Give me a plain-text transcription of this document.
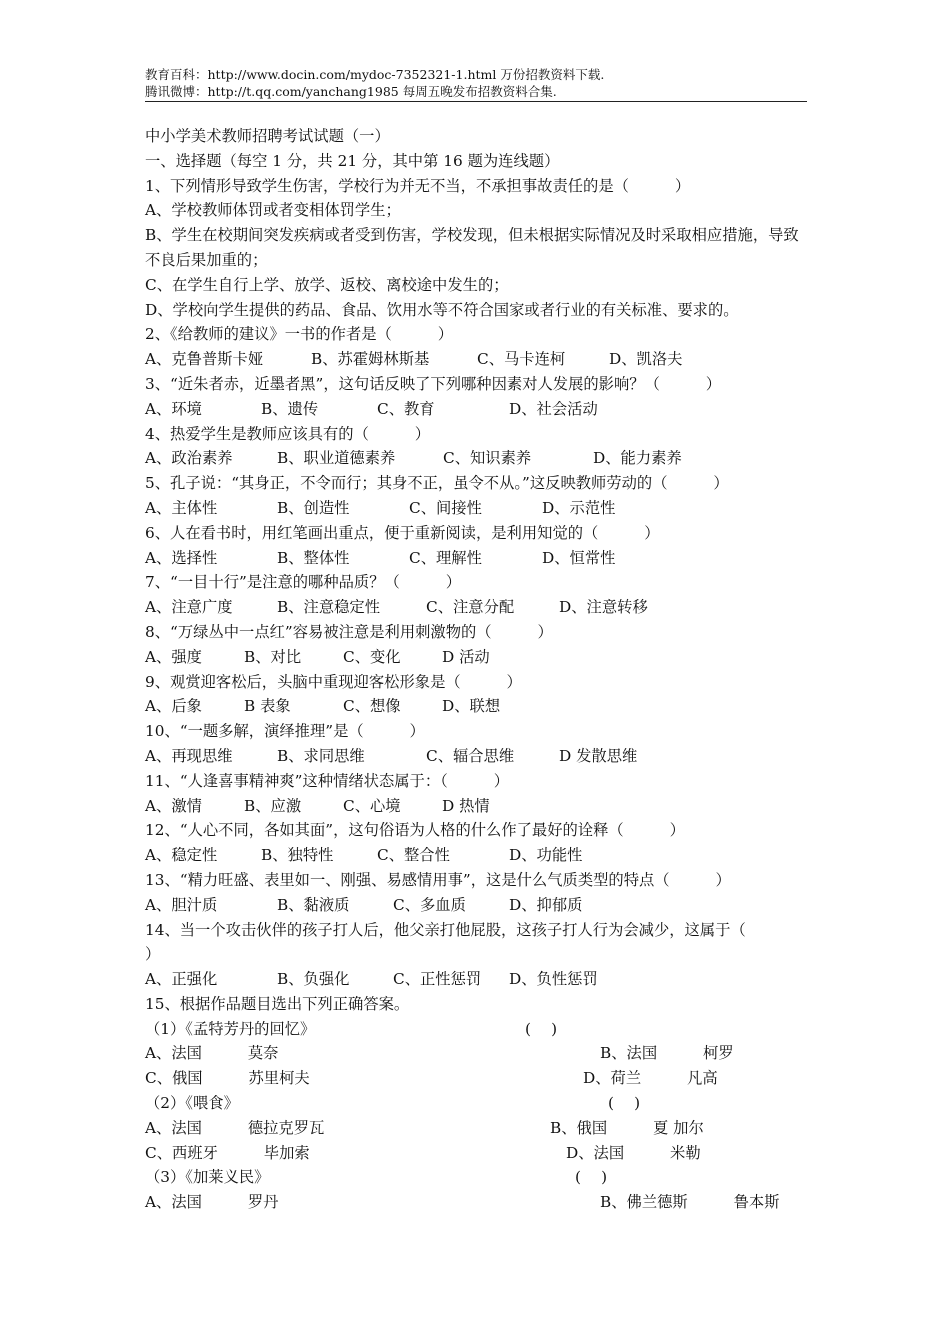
教育百科：http://www.docin.com/mydoc-7352321-1.html 万份招教资料下载.
腾讯微博：http://t.qq.com/yanchang1985 每周五晚发布招教资料合集.
中小学美术教师招聘考试试题（一）
一、选择题（每空 1 分，共 21 分，其中第 16 题为连线题）
1、下列情形导致学生伤害，学校行为并无不当，不承担事故责任的是（　　　）
A、学校教师体罚或者变相体罚学生；
B、学生在校期间突发疾病或者受到伤害，学校发现，但未根据实际情况及时采取相应措施，导致不良后果加重的；
C、在学生自行上学、放学、返校、离校途中发生的；
D、学校向学生提供的药品、食品、饮用水等不符合国家或者行业的有关标准、要求的。
2、《给教师的建议》一书的作者是（　　　）

A、克鲁普斯卡娅

	B、苏霍姆林斯基

	C、马卡连柯

	D、凯洛夫

3、“近朱者赤，近墨者黑”，这句话反映了下列哪种因素对人发展的影响？（　　　）

A、环境

	B、遗传

	C、教育

	D、社会活动

4、热爱学生是教师应该具有的（　　　）

A、政治素养

	B、职业道德素养

	C、知识素养

	D、能力素养

5、孔子说：“其身正，不令而行；其身不正，虽令不从。”这反映教师劳动的（　　　）

A、主体性

	B、创造性

	C、间接性

	D、示范性

6、人在看书时，用红笔画出重点，便于重新阅读，是利用知觉的（　　　）

A、选择性

	B、整体性

	C、理解性

	D、恒常性

7、“一目十行”是注意的哪种品质？（　　　）

A、注意广度

	B、注意稳定性

	C、注意分配

	D、注意转移

8、“万绿丛中一点红”容易被注意是利用刺激物的（　　　）

A、强度

	B、对比

	C、变化

	D 活动

9、观赏迎客松后，头脑中重现迎客松形象是（　　　）

A、后象

	B 表象

	C、想像

	D、联想

10、“一题多解，演绎推理”是（　　　）

A、再现思维

	B、求同思维

	C、辐合思维

	D 发散思维

11、“人逢喜事精神爽”这种情绪状态属于：（　　　）

A、激情

	B、应激

	C、心境

	D 热情

12、“人心不同，各如其面”，这句俗语为人格的什么作了最好的诠释（　　　）

A、稳定性

	B、独特性

	C、整合性

	D、功能性

13、“精力旺盛、表里如一、刚强、易感情用事”，这是什么气质类型的特点（　　　）

A、胆汁质

	B、黏液质

	C、多血质

	D、抑郁质

14、当一个攻击伙伴的孩子打人后，他父亲打他屁股，这孩子打人行为会减少，这属于（
）

A、正强化

	B、负强化

	C、正性惩罚

D、负性惩罚

15、根据作品题目选出下列正确答案。

（1）《孟特芳丹的回忆》

	(　 )

A、法国　　　莫奈

	B、法国　　　柯罗

C、俄国　　　苏里柯夫

	D、荷兰　　　凡高

（2）《喂食》

	(　 )

A、法国　　　德拉克罗瓦

	B、俄国　　　夏 加尔

C、西班牙　　　毕加索

	D、法国　　　米勒

（3）《加莱义民》

	(　 )

A、法国　　　罗丹

	B、佛兰德斯　　　鲁本斯
